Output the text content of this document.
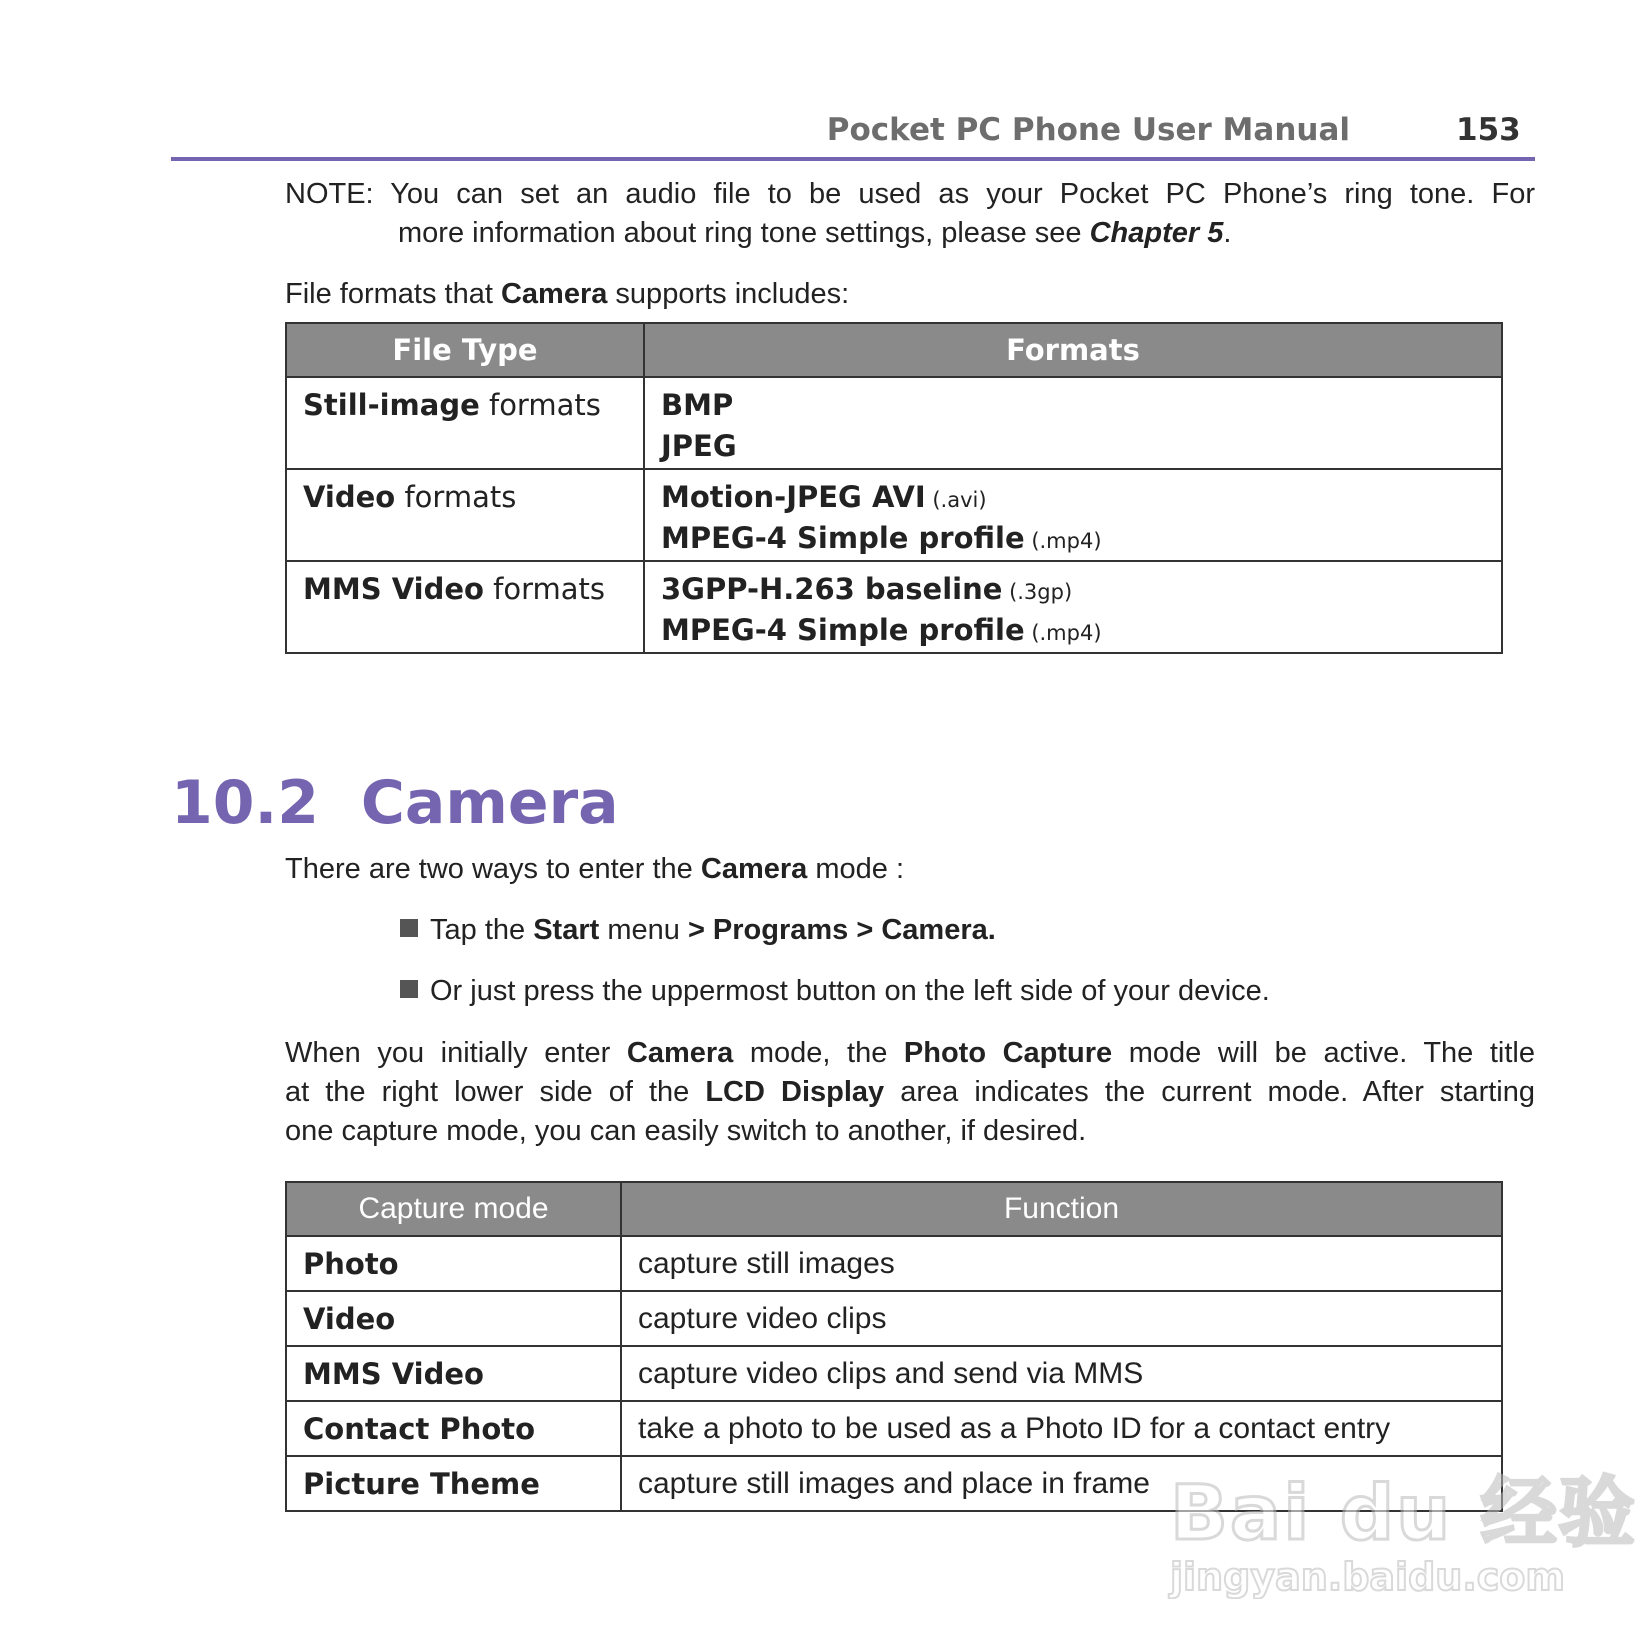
Pocket PC Phone User Manual	153
NOTE: You can set an audio file to be used as your Pocket PC Phone’s ring tone. For
more information about ring tone settings, please see Chapter 5.
File formats that Camera supports includes:
File Type	Formats
Still-image formats	BMP
JPEG

Video formats	Motion-JPEG AVI (.avi)
MPEG-4 Simple profile (.mp4)

MMS Video formats	3GPP-H.263 baseline (.3gp)
MPEG-4 Simple profile (.mp4)
10.2 Camera
There are two ways to enter the Camera mode :
Tap the Start menu > Programs > Camera.
Or just press the uppermost button on the left side of your device.
When you initially enter Camera mode, the Photo Capture mode will be active. The title
at the right lower side of the LCD Display area indicates the current mode. After starting
one capture mode, you can easily switch to another, if desired.
Capture mode	Function
Photo	capture still images
Video	capture video clips
MMS Video	capture video clips and send via MMS
Contact Photo	take a photo to be used as a Photo ID for a contact entry
Picture Theme	capture still images and place in frame Bai du 经验
jingyan.baidu.com
